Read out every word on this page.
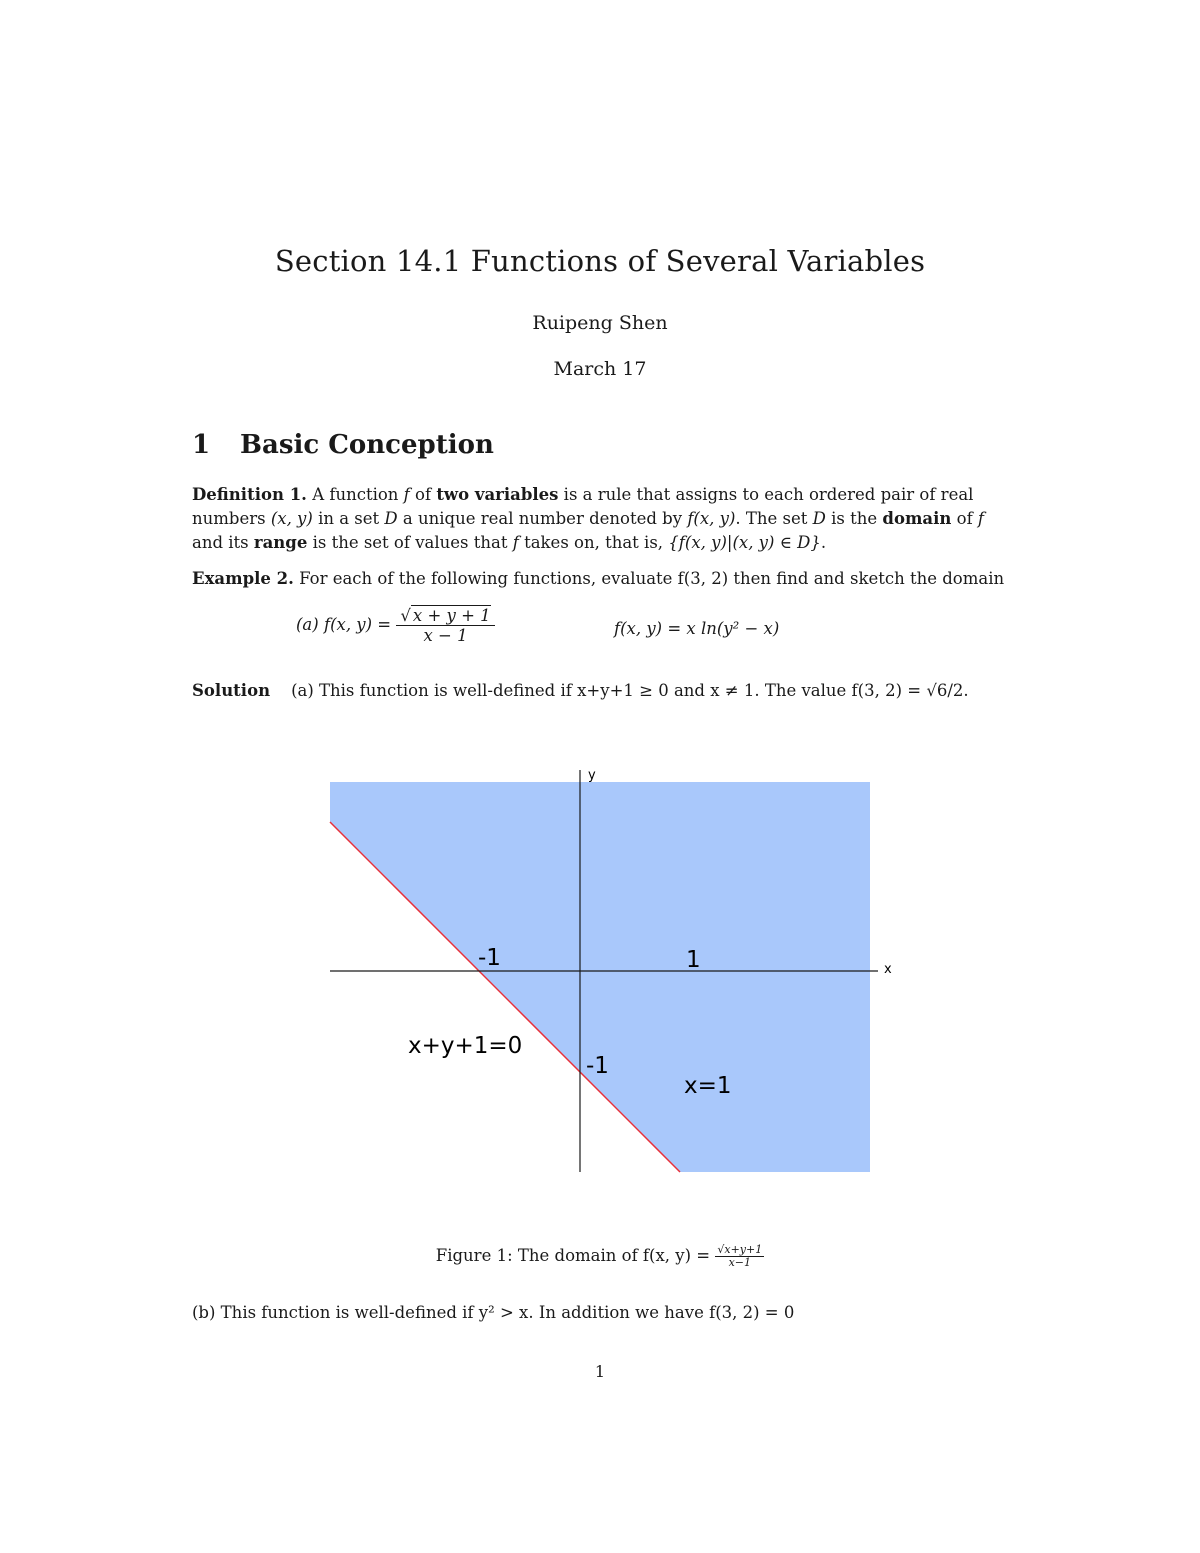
Section 14.1 Functions of Several Variables
Ruipeng Shen
March 17
1 Basic Conception
Definition 1. A function f of two variables is a rule that assigns to each ordered pair of real numbers (x, y) in a set D a unique real number denoted by f(x, y). The set D is the domain of f and its range is the set of values that f takes on, that is, {f(x, y)|(x, y) ∈ D}.
Example 2. For each of the following functions, evaluate f(3, 2) then find and sketch the domain
(a) f(x, $y) = \frac{√ x + y + 1}{x - 1}$	f(x, y) = x ln(y² − x)
Solution (a) This function is well-defined if x+y+1 ≥ 0 and x ≠ 1. The value f(3, 2) = √6/2.
x
y
-1	1
-1
x+y+1=0
x=1
Figure 1: The domain of f(x, $y) = \frac{√x+y+1}{x-1}$
(b) This function is well-defined if y² > x. In addition we have f(3, 2) = 0
1
